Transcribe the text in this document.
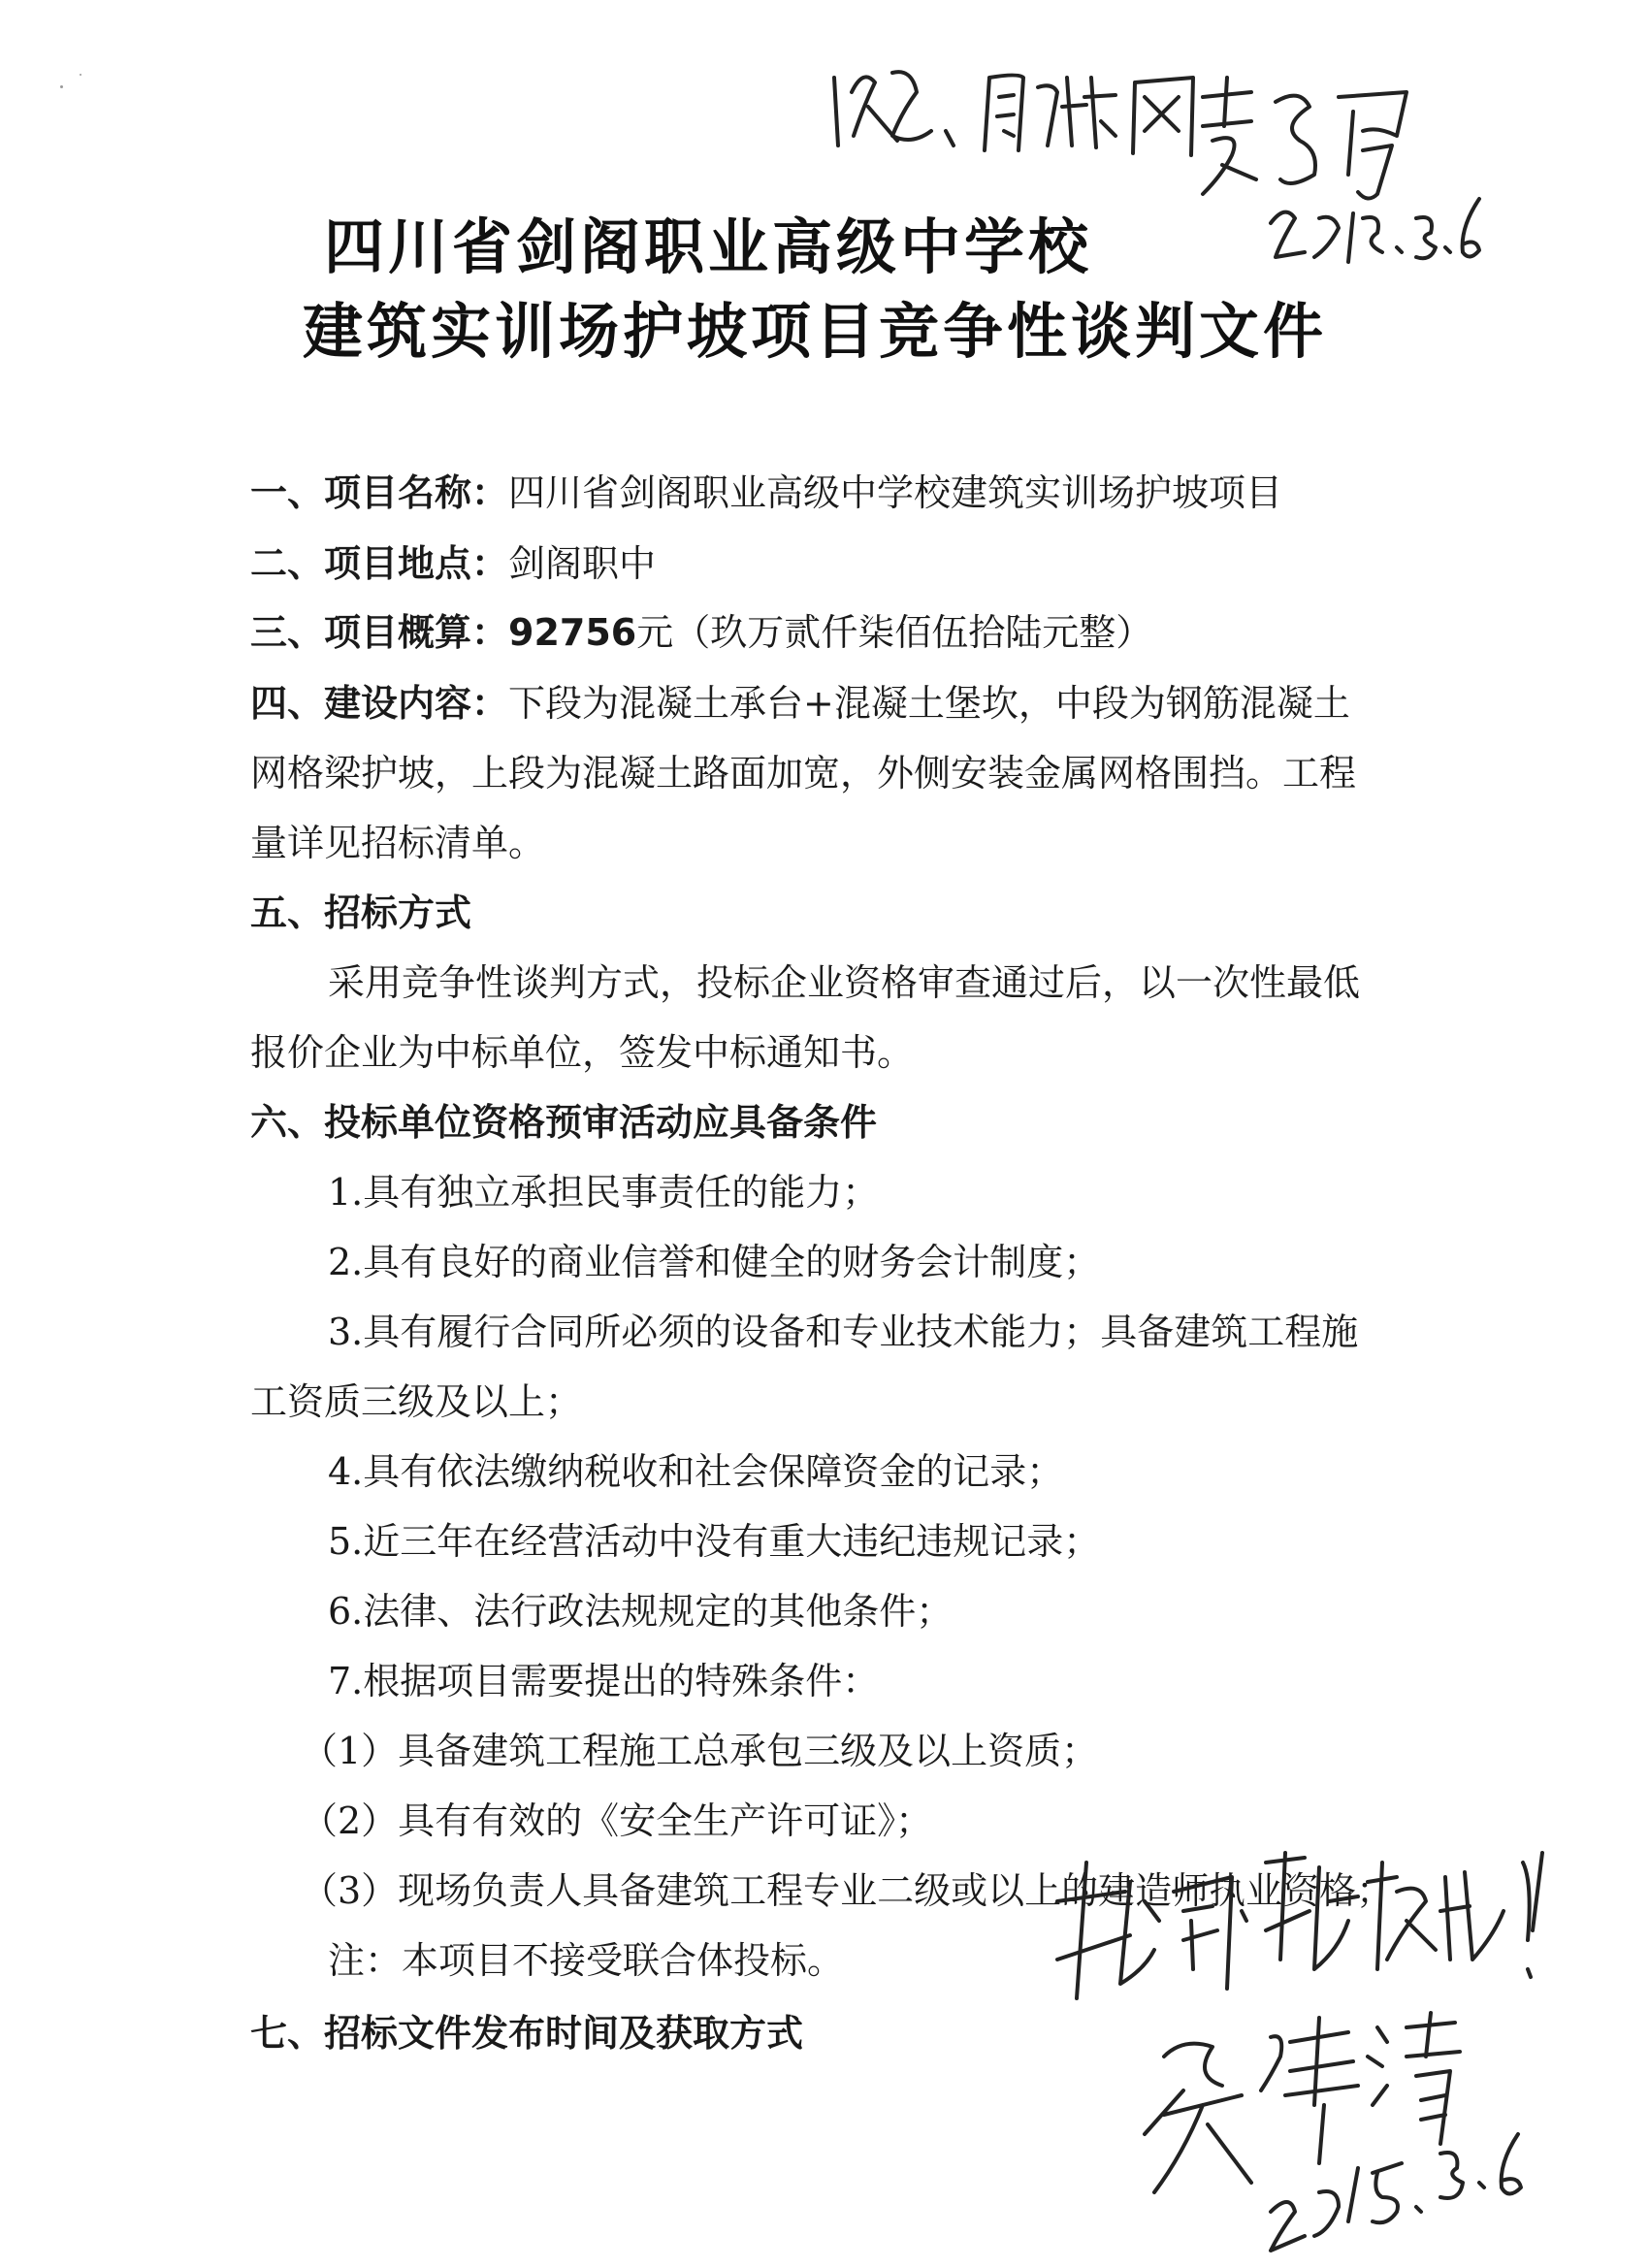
四川省剑阁职业高级中学校
建筑实训场护坡项目竞争性谈判文件
一、项目名称：四川省剑阁职业高级中学校建筑实训场护坡项目
二、项目地点：剑阁职中
三、项目概算：92756元（玖万贰仟柒佰伍拾陆元整）
四、建设内容：下段为混凝土承台+混凝土堡坎，中段为钢筋混凝土
网格梁护坡，上段为混凝土路面加宽，外侧安装金属网格围挡。工程
量详见招标清单。
五、招标方式
采用竞争性谈判方式，投标企业资格审查通过后，以一次性最低
报价企业为中标单位，签发中标通知书。
六、投标单位资格预审活动应具备条件
1.具有独立承担民事责任的能力；
2.具有良好的商业信誉和健全的财务会计制度；
3.具有履行合同所必须的设备和专业技术能力；具备建筑工程施
工资质三级及以上；
4.具有依法缴纳税收和社会保障资金的记录；
5.近三年在经营活动中没有重大违纪违规记录；
6.法律、法行政法规规定的其他条件；
7.根据项目需要提出的特殊条件：
（1）具备建筑工程施工总承包三级及以上资质；
（2）具有有效的《安全生产许可证》；
（3）现场负责人具备建筑工程专业二级或以上的建造师执业资格；
注：本项目不接受联合体投标。
七、招标文件发布时间及获取方式
